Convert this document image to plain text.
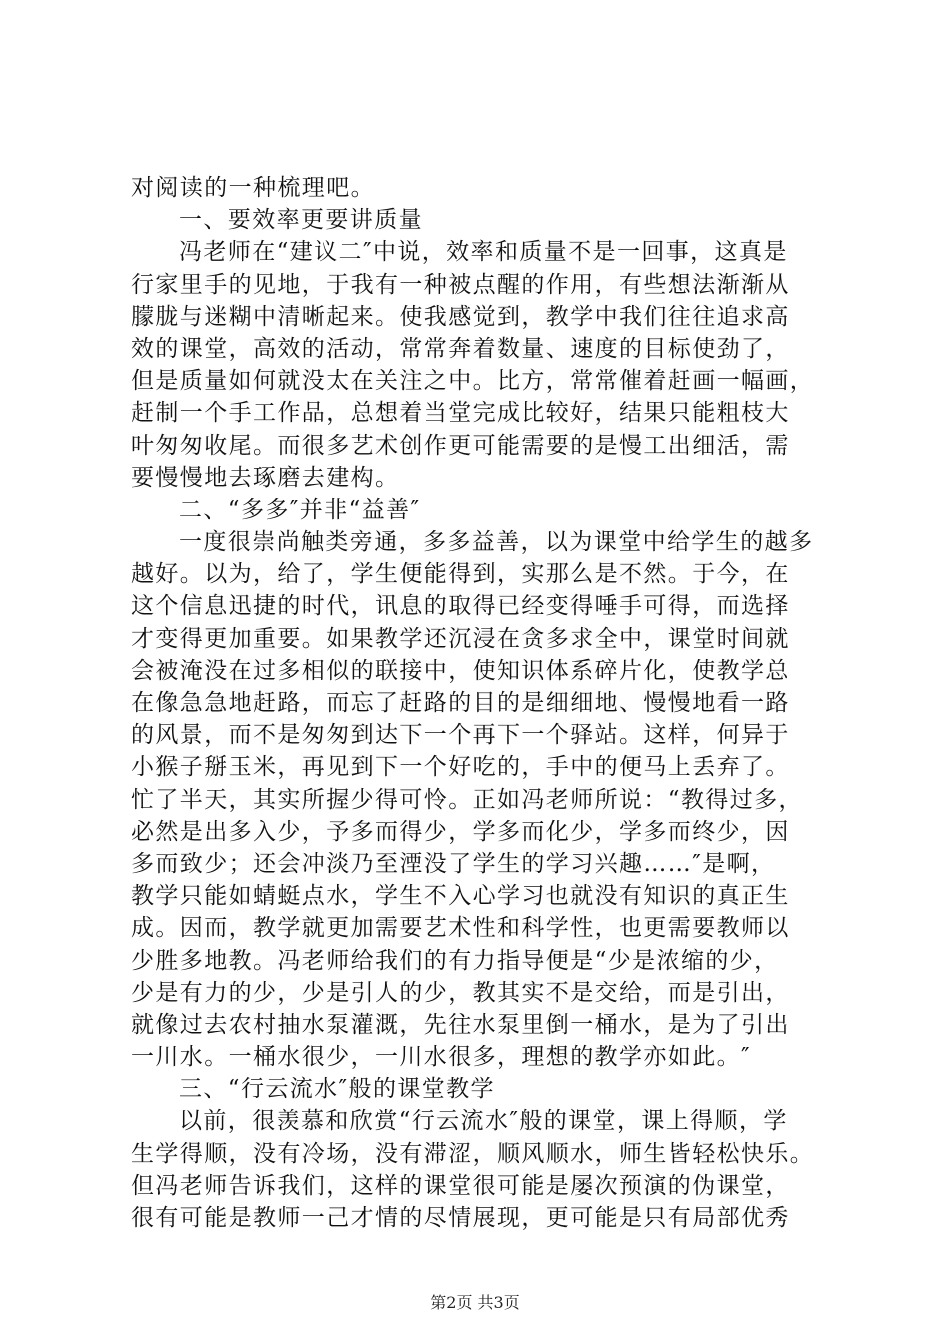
对阅读的一种梳理吧。
一、要效率更要讲质量
冯老师在“建议二″中说，效率和质量不是一回事，这真是
行家里手的见地，于我有一种被点醒的作用，有些想法渐渐从
朦胧与迷糊中清晰起来。使我感觉到，教学中我们往往追求高
效的课堂，高效的活动，常常奔着数量、速度的目标使劲了，
但是质量如何就没太在关注之中。比方，常常催着赶画一幅画，
赶制一个手工作品，总想着当堂完成比较好，结果只能粗枝大
叶匆匆收尾。而很多艺术创作更可能需要的是慢工出细活，需
要慢慢地去琢磨去建构。
二、“多多″并非“益善″
一度很崇尚触类旁通，多多益善，以为课堂中给学生的越多
越好。以为，给了，学生便能得到，实那么是不然。于今，在
这个信息迅捷的时代，讯息的取得已经变得唾手可得，而选择
才变得更加重要。如果教学还沉浸在贪多求全中，课堂时间就
会被淹没在过多相似的联接中，使知识体系碎片化，使教学总
在像急急地赶路，而忘了赶路的目的是细细地、慢慢地看一路
的风景，而不是匆匆到达下一个再下一个驿站。这样，何异于
小猴子掰玉米，再见到下一个好吃的，手中的便马上丢弃了。
忙了半天，其实所握少得可怜。正如冯老师所说：“教得过多，
必然是出多入少，予多而得少，学多而化少，学多而终少，因
多而致少；还会冲淡乃至湮没了学生的学习兴趣……″是啊，
教学只能如蜻蜓点水，学生不入心学习也就没有知识的真正生
成。因而，教学就更加需要艺术性和科学性，也更需要教师以
少胜多地教。冯老师给我们的有力指导便是“少是浓缩的少，
少是有力的少，少是引人的少，教其实不是交给，而是引出，
就像过去农村抽水泵灌溉，先往水泵里倒一桶水，是为了引出
一川水。一桶水很少，一川水很多，理想的教学亦如此。″
三、“行云流水″般的课堂教学
以前，很羡慕和欣赏“行云流水″般的课堂，课上得顺，学
生学得顺，没有冷场，没有滞涩，顺风顺水，师生皆轻松快乐。
但冯老师告诉我们，这样的课堂很可能是屡次预演的伪课堂，
很有可能是教师一己才情的尽情展现，更可能是只有局部优秀
第2页 共3页
